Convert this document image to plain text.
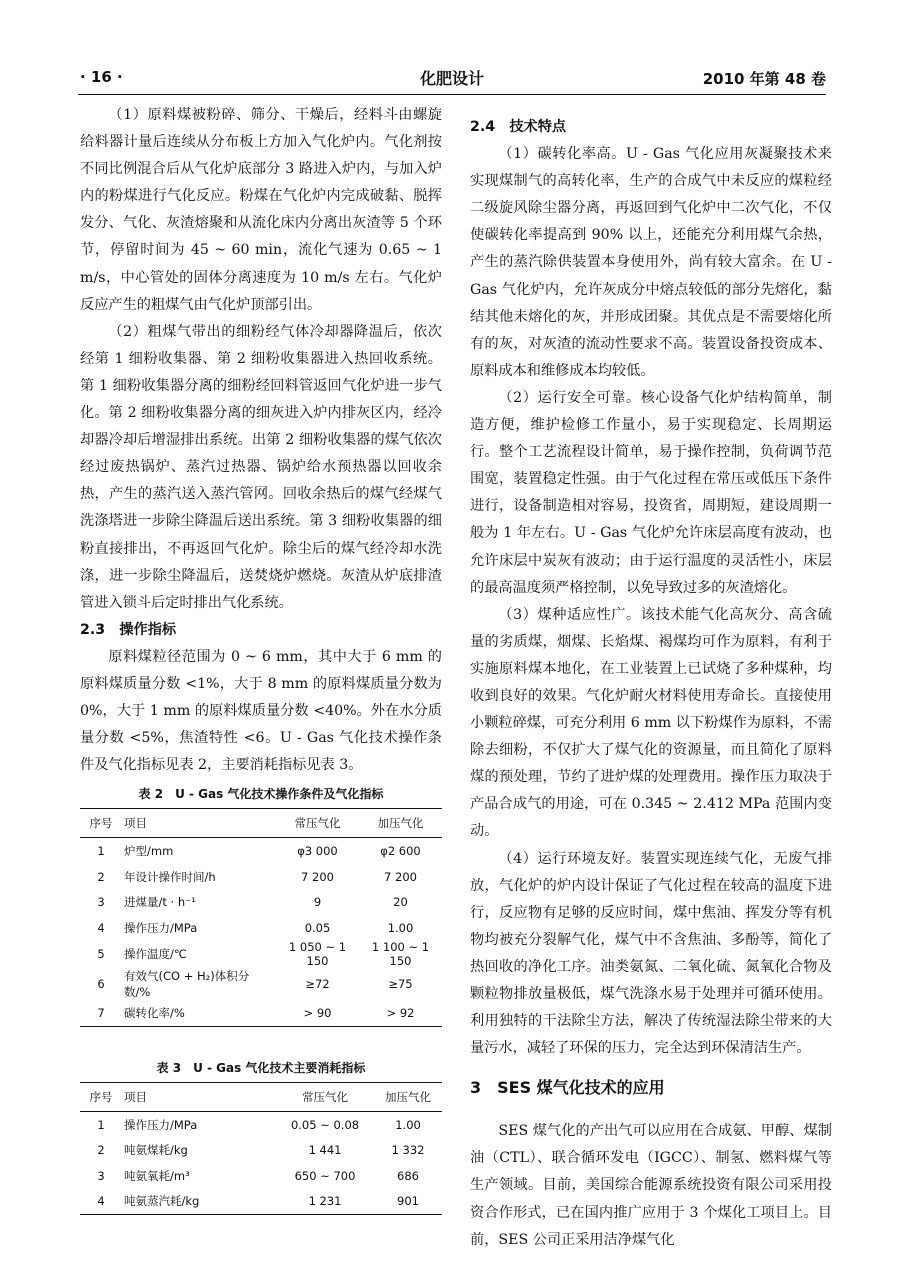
· 16 ·	化肥设计	2010 年第 48 卷

（1）原料煤被粉碎、筛分、干燥后，经料斗由螺旋给料器计量后连续从分布板上方加入气化炉内。气化剂按不同比例混合后从气化炉底部分 3 路进入炉内，与加入炉内的粉煤进行气化反应。粉煤在气化炉内完成破黏、脱挥发分、气化、灰渣熔聚和从流化床内分离出灰渣等 5 个环节，停留时间为 45 ~ 60 min，流化气速为 0.65 ~ 1 m/s，中心管处的固体分离速度为 10 m/s 左右。气化炉反应产生的粗煤气由气化炉顶部引出。

（2）粗煤气带出的细粉经气体冷却器降温后，依次经第 1 细粉收集器、第 2 细粉收集器进入热回收系统。第 1 细粉收集器分离的细粉经回料管返回气化炉进一步气化。第 2 细粉收集器分离的细灰进入炉内排灰区内，经冷却器冷却后增湿排出系统。出第 2 细粉收集器的煤气依次经过废热锅炉、蒸汽过热器、锅炉给水预热器以回收余热，产生的蒸汽送入蒸汽管网。回收余热后的煤气经煤气洗涤塔进一步除尘降温后送出系统。第 3 细粉收集器的细粉直接排出，不再返回气化炉。除尘后的煤气经冷却水洗涤，进一步除尘降温后，送焚烧炉燃烧。灰渣从炉底排渣管进入锁斗后定时排出气化系统。

2.3　操作指标

原料煤粒径范围为 0 ~ 6 mm，其中大于 6 mm 的原料煤质量分数 <1%，大于 8 mm 的原料煤质量分数为 0%，大于 1 mm 的原料煤质量分数 <40%。外在水分质量分数 <5%，焦渣特性 <6。U - Gas 气化技术操作条件及气化指标见表 2，主要消耗指标见表 3。

表 2　U - Gas 气化技术操作条件及气化指标
序号	项目	常压气化	加压气化
1	炉型/mm	φ3 000	φ2 600
2	年设计操作时间/h	7 200	7 200
3	进煤量/t · h⁻¹	9	20
4	操作压力/MPa	0.05	1.00
5	操作温度/℃	1 050 ~ 1 150	1 100 ~ 1 150
6	有效气(CO + H₂)体积分数/%	≥72	≥75
7	碳转化率/%	> 90	> 92
表 3　U - Gas 气化技术主要消耗指标
序号	项目	常压气化	加压气化
1	操作压力/MPa	0.05 ~ 0.08	1.00
2	吨氨煤耗/kg	1 441	1 332
3	吨氨氧耗/m³	650 ~ 700	686
4	吨氨蒸汽耗/kg	1 231	901
2.4　技术特点

（1）碳转化率高。U - Gas 气化应用灰凝聚技术来实现煤制气的高转化率，生产的合成气中未反应的煤粒经二级旋风除尘器分离，再返回到气化炉中二次气化，不仅使碳转化率提高到 90% 以上，还能充分利用煤气余热，产生的蒸汽除供装置本身使用外，尚有较大富余。在 U - Gas 气化炉内，允许灰成分中熔点较低的部分先熔化，黏结其他未熔化的灰，并形成团聚。其优点是不需要熔化所有的灰，对灰渣的流动性要求不高。装置设备投资成本、原料成本和维修成本均较低。

（2）运行安全可靠。核心设备气化炉结构简单，制造方便，维护检修工作量小，易于实现稳定、长周期运行。整个工艺流程设计简单，易于操作控制，负荷调节范围宽，装置稳定性强。由于气化过程在常压或低压下条件进行，设备制造相对容易，投资省，周期短，建设周期一般为 1 年左右。U - Gas 气化炉允许床层高度有波动，也允许床层中炭灰有波动；由于运行温度的灵活性小，床层的最高温度须严格控制，以免导致过多的灰渣熔化。

（3）煤种适应性广。该技术能气化高灰分、高含硫量的劣质煤，烟煤、长焰煤、褐煤均可作为原料，有利于实施原料煤本地化，在工业装置上已试烧了多种煤种，均收到良好的效果。气化炉耐火材料使用寿命长。直接使用小颗粒碎煤，可充分利用 6 mm 以下粉煤作为原料，不需除去细粉，不仅扩大了煤气化的资源量，而且简化了原料煤的预处理，节约了进炉煤的处理费用。操作压力取决于产品合成气的用途，可在 0.345 ~ 2.412 MPa 范围内变动。

（4）运行环境友好。装置实现连续气化，无废气排放，气化炉的炉内设计保证了气化过程在较高的温度下进行，反应物有足够的反应时间，煤中焦油、挥发分等有机物均被充分裂解气化，煤气中不含焦油、多酚等，简化了热回收的净化工序。油类氨氮、二氧化硫、氮氧化合物及颗粒物排放量极低，煤气洗涤水易于处理并可循环使用。利用独特的干法除尘方法，解决了传统湿法除尘带来的大量污水，减轻了环保的压力，完全达到环保清洁生产。

3　SES 煤气化技术的应用

SES 煤气化的产出气可以应用在合成氨、甲醇、煤制油（CTL）、联合循环发电（IGCC）、制氢、燃料煤气等生产领域。目前，美国综合能源系统投资有限公司采用投资合作形式，已在国内推广应用于 3 个煤化工项目上。目前，SES 公司正采用洁净煤气化
